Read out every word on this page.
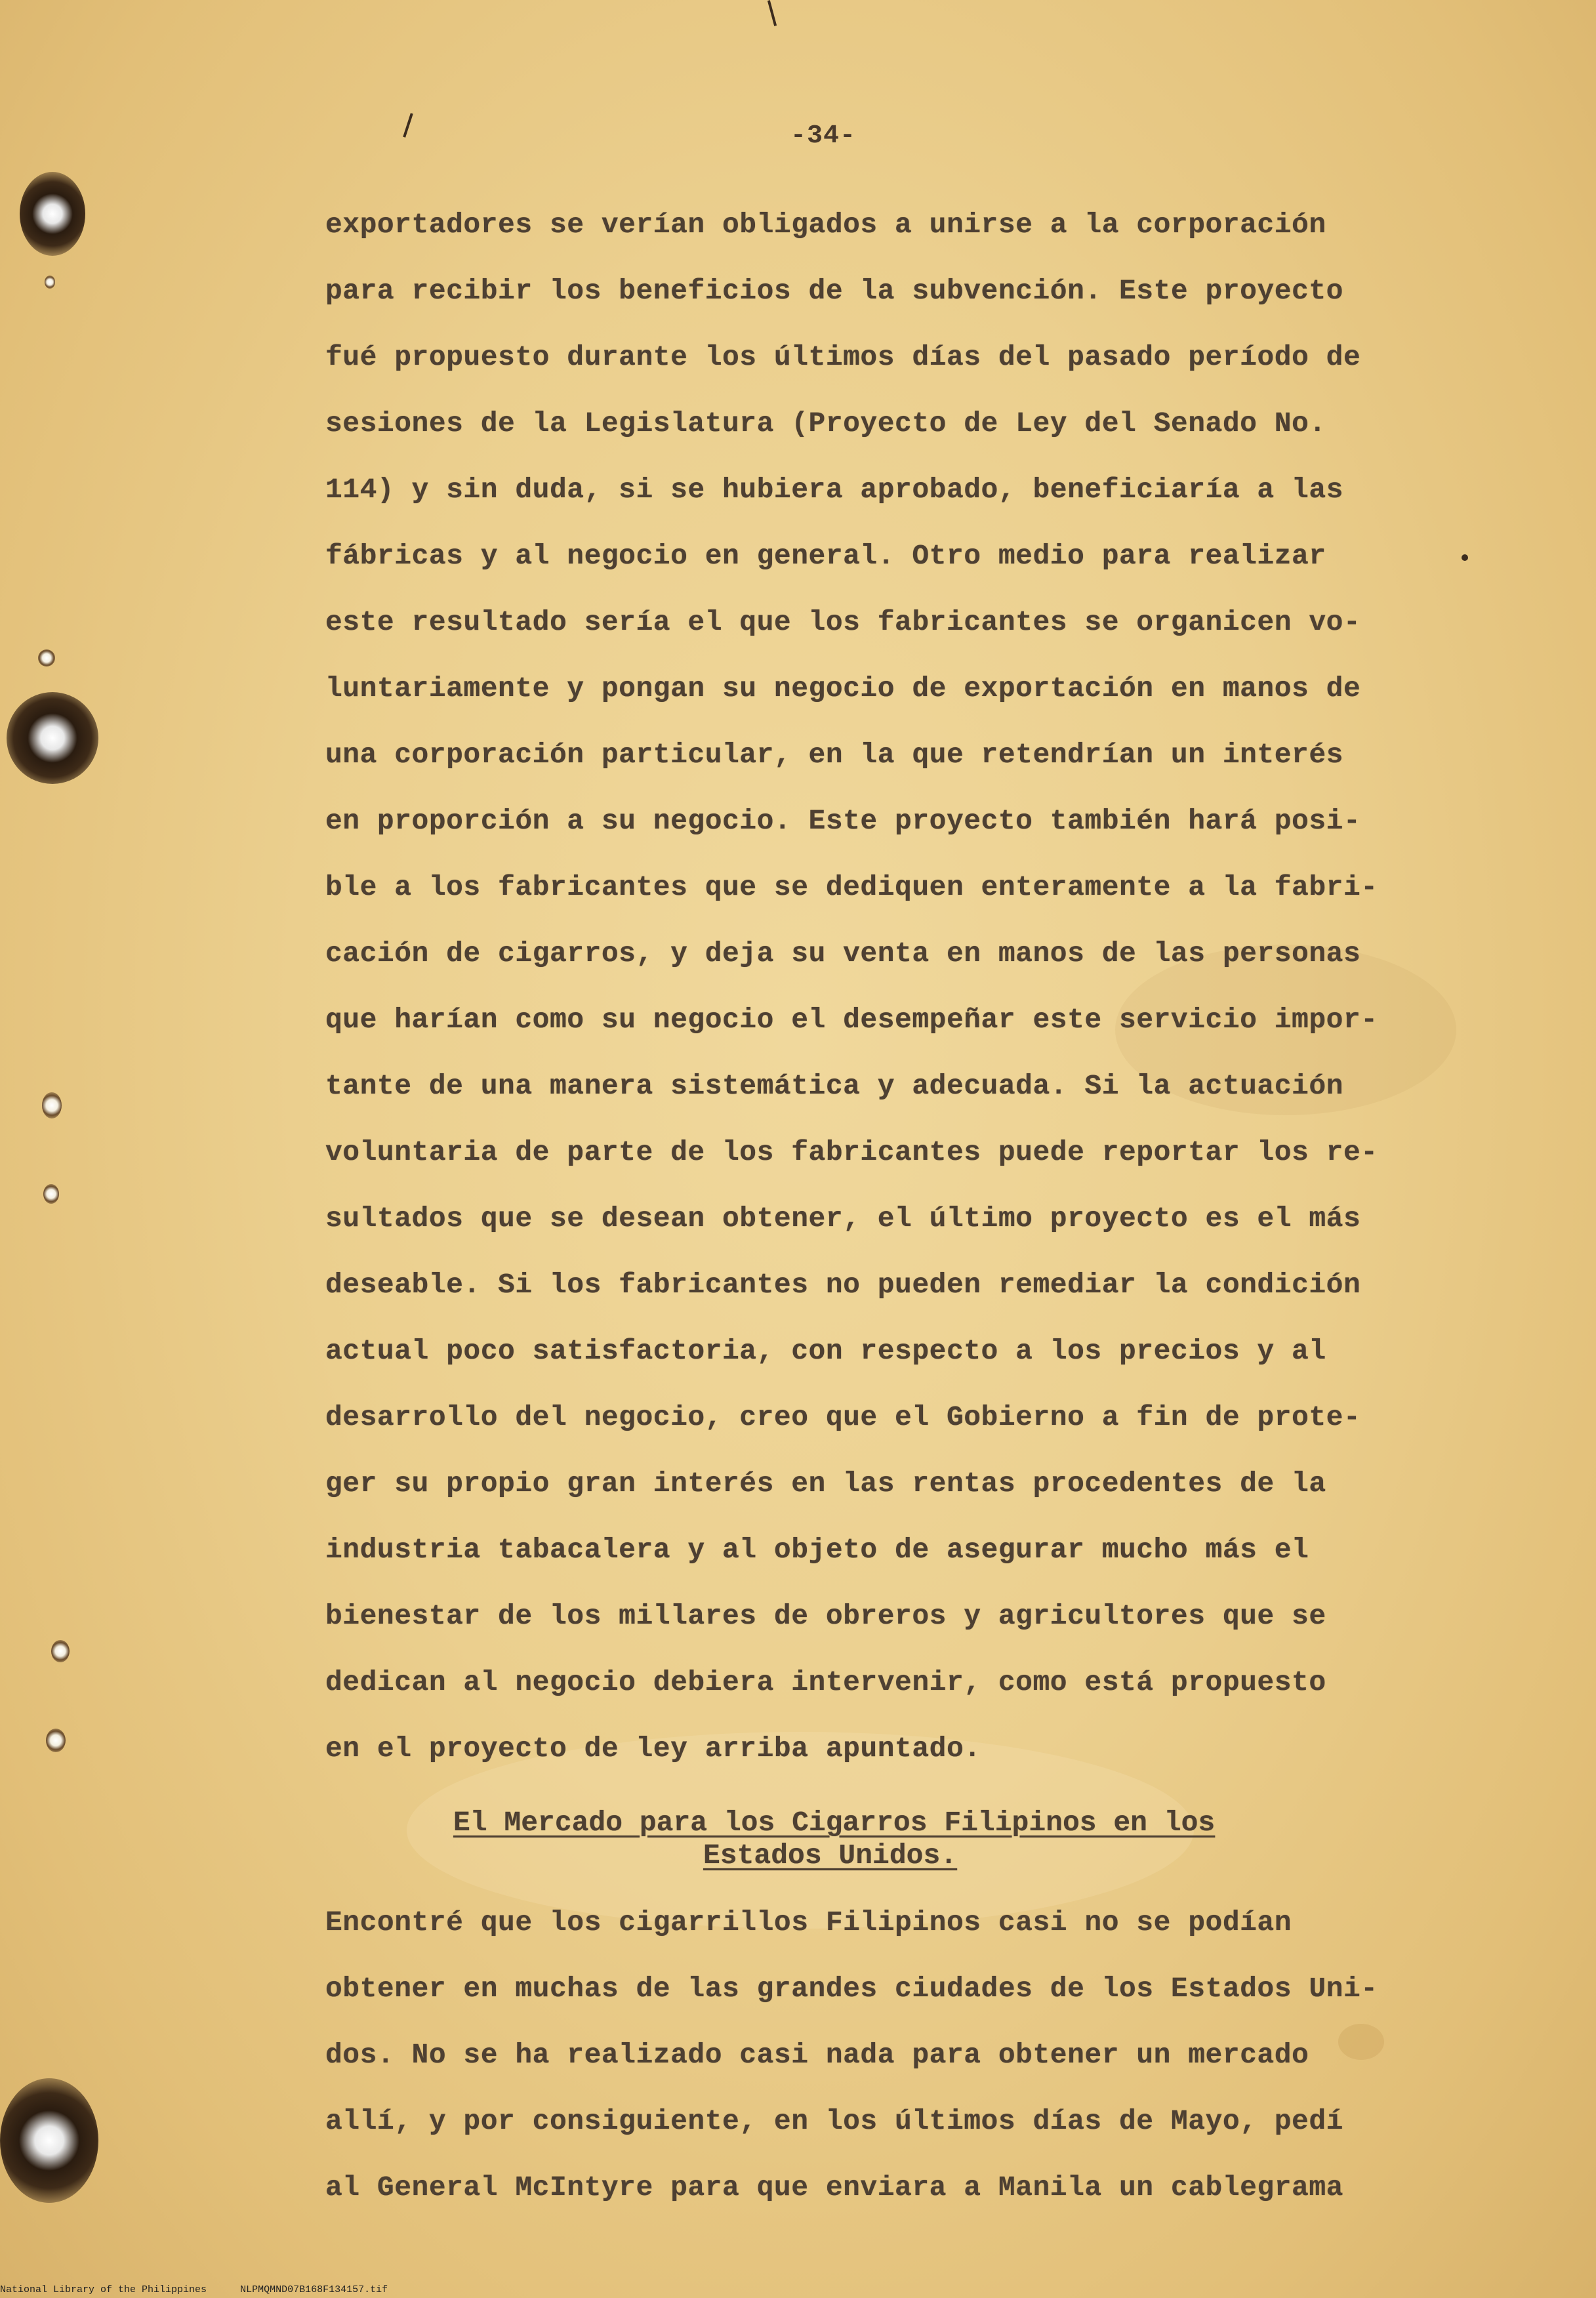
-34-
exportadores se verían obligados a unirse a la corporación
para recibir los beneficios de la subvención. Este proyecto
fué propuesto durante los últimos días del pasado período de
sesiones de la Legislatura (Proyecto de Ley del Senado No.
114) y sin duda, si se hubiera aprobado, beneficiaría a las
fábricas y al negocio en general. Otro medio para realizar
este resultado sería el que los fabricantes se organicen vo-
luntariamente y pongan su negocio de exportación en manos de
una corporación particular, en la que retendrían un interés
en proporción a su negocio. Este proyecto también hará posi-
ble a los fabricantes que se dediquen enteramente a la fabri-
cación de cigarros, y deja su venta en manos de las personas
que harían como su negocio el desempeñar este servicio impor-
tante de una manera sistemática y adecuada. Si la actuación
voluntaria de parte de los fabricantes puede reportar los re-
sultados que se desean obtener, el último proyecto es el más
deseable. Si los fabricantes no pueden remediar la condición
actual poco satisfactoria, con respecto a los precios y al
desarrollo del negocio, creo que el Gobierno a fin de prote-
ger su propio gran interés en las rentas procedentes de la
industria tabacalera y al objeto de asegurar mucho más el
bienestar de los millares de obreros y agricultores que se
dedican al negocio debiera intervenir, como está propuesto
en el proyecto de ley arriba apuntado.
El Mercado para los Cigarros Filipinos en los
Estados Unidos.
Encontré que los cigarrillos Filipinos casi no se podían
obtener en muchas de las grandes ciudades de los Estados Uni-
dos. No se ha realizado casi nada para obtener un mercado
allí, y por consiguiente, en los últimos días de Mayo, pedí
al General McIntyre para que enviara a Manila un cablegrama
National Library of the Philippines	NLPMQMND07B168F134157.tif
